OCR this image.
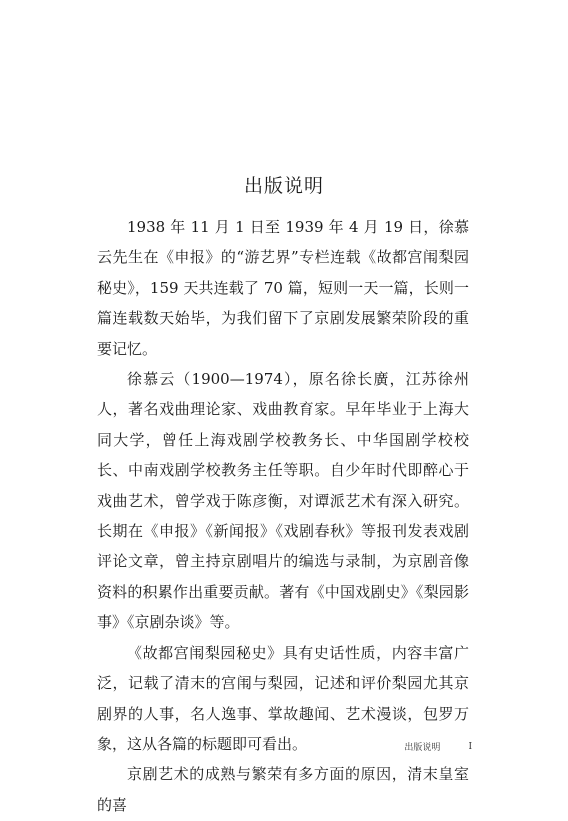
出版说明

1938 年 11 月 1 日至 1939 年 4 月 19 日，徐慕云先生在《申报》的“游艺界”专栏连载《故都宫闱梨园秘史》，159 天共连载了 70 篇，短则一天一篇，长则一篇连载数天始毕，为我们留下了京剧发展繁荣阶段的重要记忆。

徐慕云（1900—1974），原名徐长廣，江苏徐州人，著名戏曲理论家、戏曲教育家。早年毕业于上海大同大学，曾任上海戏剧学校教务长、中华国剧学校校长、中南戏剧学校教务主任等职。自少年时代即醉心于戏曲艺术，曾学戏于陈彦衡，对谭派艺术有深入研究。长期在《申报》《新闻报》《戏剧春秋》等报刊发表戏剧评论文章，曾主持京剧唱片的编选与录制，为京剧音像资料的积累作出重要贡献。著有《中国戏剧史》《梨园影事》《京剧杂谈》等。

《故都宫闱梨园秘史》具有史话性质，内容丰富广泛，记载了清末的宫闱与梨园，记述和评价梨园尤其京剧界的人事，名人逸事、掌故趣闻、艺术漫谈，包罗万象，这从各篇的标题即可看出。

京剧艺术的成熟与繁荣有多方面的原因，清末皇室的喜

出版说明	I
